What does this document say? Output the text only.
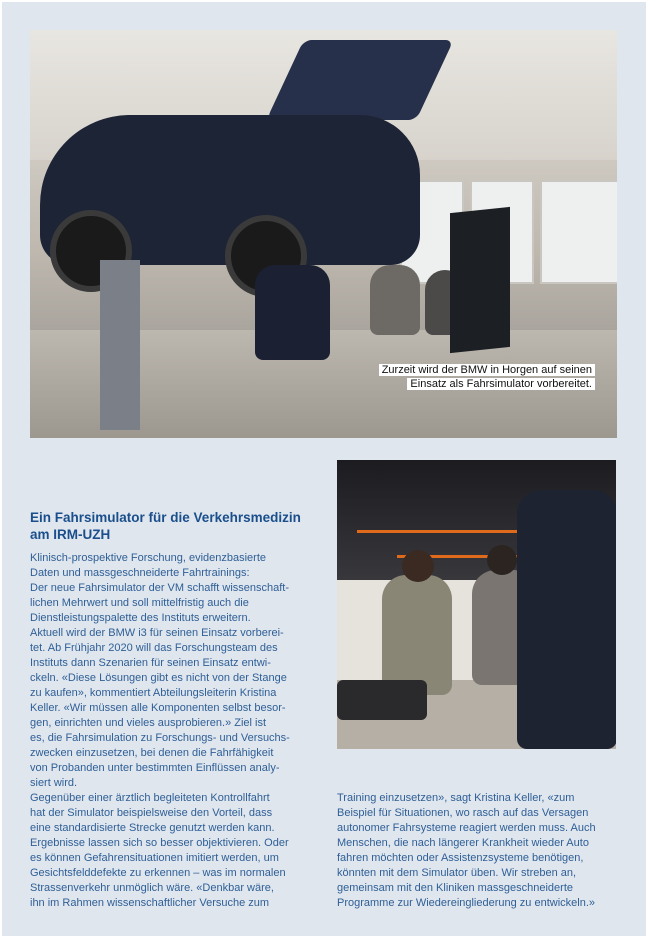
Zurzeit wird der BMW in Horgen auf seinen
Einsatz als Fahrsimulator vorbereitet.
Ein Fahrsimulator für die Verkehrsmedizin am IRM-UZH
Klinisch-prospektive Forschung, evidenzbasierte
Daten und massgeschneiderte Fahrtrainings:
Der neue Fahrsimulator der VM schafft wissenschaft-
lichen Mehrwert und soll mittelfristig auch die
Dienstleistungspalette des Instituts erweitern.
Aktuell wird der BMW i3 für seinen Einsatz vorberei-
tet. Ab Frühjahr 2020 will das Forschungsteam des
Instituts dann Szenarien für seinen Einsatz entwi-
ckeln. «Diese Lösungen gibt es nicht von der Stange
zu kaufen», kommentiert Abteilungsleiterin Kristina
Keller. «Wir müssen alle Komponenten selbst besor-
gen, einrichten und vieles ausprobieren.» Ziel ist
es, die Fahrsimulation zu Forschungs- und Versuchs-
zwecken einzusetzen, bei denen die Fahrfähigkeit
von Probanden unter bestimmten Einflüssen analy-
siert wird.
Gegenüber einer ärztlich begleiteten Kontrollfahrt
hat der Simulator beispielsweise den Vorteil, dass
eine standardisierte Strecke genutzt werden kann.
Ergebnisse lassen sich so besser objektivieren. Oder
es können Gefahrensituationen imitiert werden, um
Gesichtsfelddefekte zu erkennen – was im normalen
Strassenverkehr unmöglich wäre. «Denkbar wäre,
ihn im Rahmen wissenschaftlicher Versuche zum
Training einzusetzen», sagt Kristina Keller, «zum
Beispiel für Situationen, wo rasch auf das Versagen
autonomer Fahrsysteme reagiert werden muss. Auch
Menschen, die nach längerer Krankheit wieder Auto
fahren möchten oder Assistenzsysteme benötigen,
könnten mit dem Simulator üben. Wir streben an,
gemeinsam mit den Kliniken massgeschneiderte
Programme zur Wiedereingliederung zu entwickeln.»
